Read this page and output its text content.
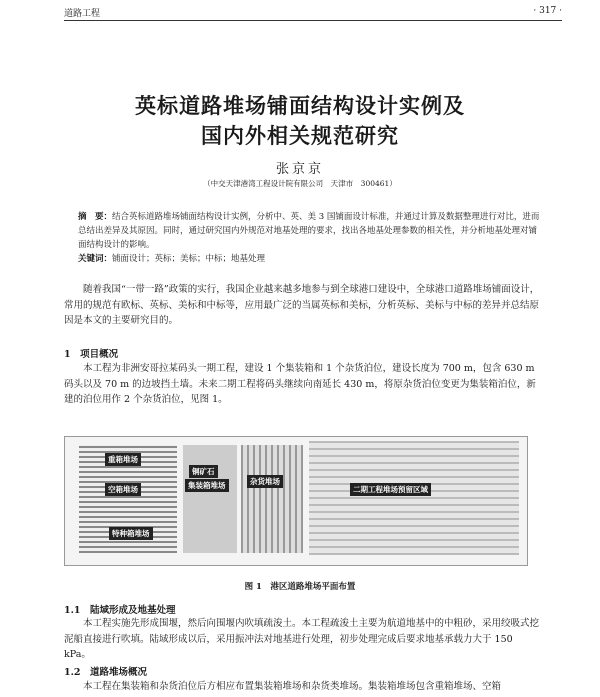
道路工程	· 317 ·
英标道路堆场铺面结构设计实例及
国内外相关规范研究
张京京
（中交天津港湾工程设计院有限公司　天津市　300461）
摘　要：结合英标道路堆场铺面结构设计实例，分析中、英、美 3 国铺面设计标准，并通过计算及数据整理进行对比，进而总结出差异及其原因。同时，通过研究国内外规范对地基处理的要求，找出各地基处理参数的相关性，并分析地基处理对铺面结构设计的影响。
关键词：铺面设计；英标；美标；中标；地基处理
随着我国“一带一路”政策的实行，我国企业越来越多地参与到全球港口建设中，全球港口道路堆场铺面设计，常用的规范有欧标、英标、美标和中标等，应用最广泛的当属英标和美标，分析英标、美标与中标的差异并总结原因是本文的主要研究目的。
1　项目概况
本工程为非洲安哥拉某码头一期工程，建设 1 个集装箱和 1 个杂货泊位，建设长度为 700 m，包含 630 m 码头以及 70 m 的边坡挡土墙。未来二期工程将码头继续向南延长 430 m，将原杂货泊位变更为集装箱泊位，新建的泊位用作 2 个杂货泊位，见图 1。
重箱堆场
空箱堆场
特种箱堆场
铜矿石
集装箱堆场	杂货堆场
二期工程堆场预留区域
图 1　港区道路堆场平面布置
1.1　陆域形成及地基处理
本工程实施先形成围堰，然后向围堰内吹填疏浚土。本工程疏浚土主要为航道地基中的中粗砂，采用绞吸式挖泥船直接进行吹填。陆域形成以后，采用振冲法对地基进行处理，初步处理完成后要求地基承载力大于 150 kPa。
1.2　道路堆场概况
本工程在集装箱和杂货泊位后方相应布置集装箱堆场和杂货类堆场。集装箱堆场包含重箱堆场、空箱
